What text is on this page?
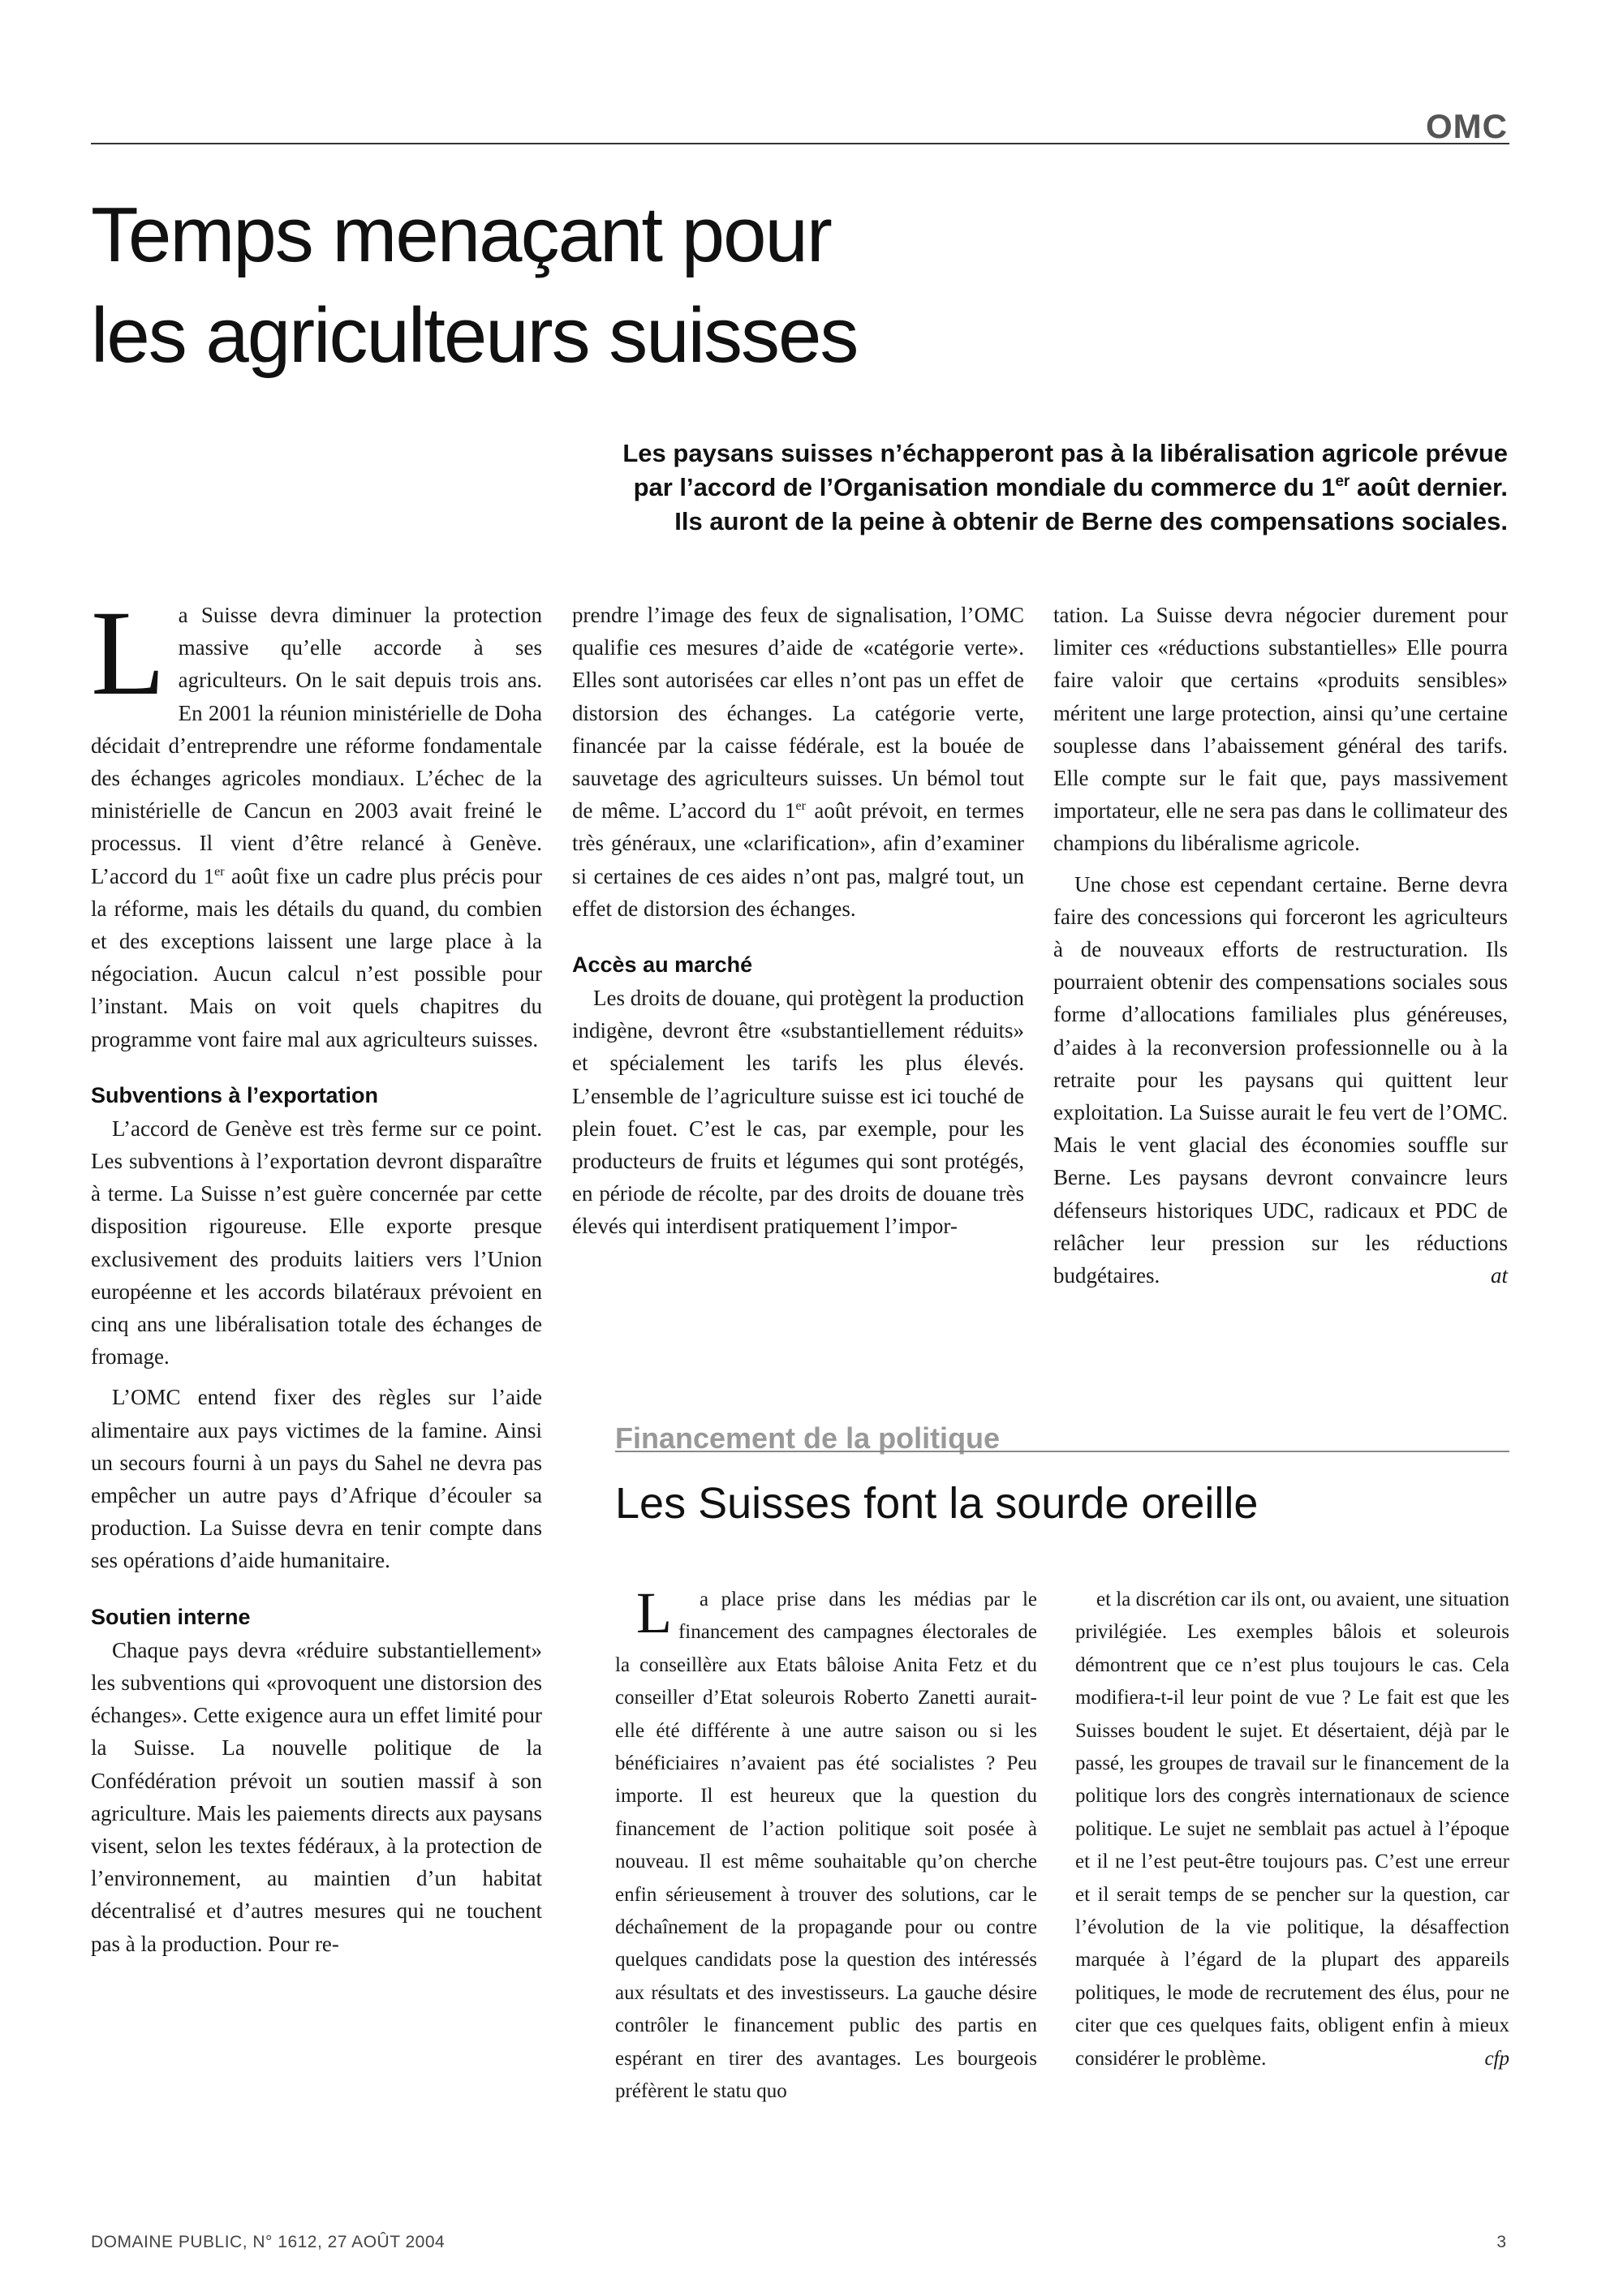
OMC
Temps menaçant pour
les agriculteurs suisses
Les paysans suisses n’échapperont pas à la libéralisation agricole prévue
par l’accord de l’Organisation mondiale du commerce du 1er août dernier.
Ils auront de la peine à obtenir de Berne des compensations sociales.

La Suisse devra diminuer la protection massive qu’elle accorde à ses agriculteurs. On le sait depuis trois ans. En 2001 la réunion ministérielle de Doha décidait d’entreprendre une réforme fondamentale des échanges agricoles mondiaux. L’échec de la ministérielle de Cancun en 2003 avait freiné le processus. Il vient d’être relancé à Genève. L’accord du 1er août fixe un cadre plus précis pour la réforme, mais les détails du quand, du combien et des exceptions laissent une large place à la négociation. Aucun calcul n’est possible pour l’instant. Mais on voit quels chapitres du programme vont faire mal aux agriculteurs suisses.

Subventions à l’exportation

L’accord de Genève est très ferme sur ce point. Les subventions à l’exportation devront disparaître à terme. La Suisse n’est guère concernée par cette disposition rigoureuse. Elle exporte presque exclusivement des produits laitiers vers l’Union européenne et les accords bilatéraux prévoient en cinq ans une libéralisation totale des échanges de fromage.

L’OMC entend fixer des règles sur l’aide alimentaire aux pays victimes de la famine. Ainsi un secours fourni à un pays du Sahel ne devra pas empêcher un autre pays d’Afrique d’écouler sa production. La Suisse devra en tenir compte dans ses opérations d’aide humanitaire.

Soutien interne

Chaque pays devra «réduire substantiellement» les subventions qui «provoquent une distorsion des échanges». Cette exigence aura un effet limité pour la Suisse. La nouvelle politique de la Confédération prévoit un soutien massif à son agriculture. Mais les paiements directs aux paysans visent, selon les textes fédéraux, à la protection de l’environnement, au maintien d’un habitat décentralisé et d’autres mesures qui ne touchent pas à la production. Pour re-

prendre l’image des feux de signalisation, l’OMC qualifie ces mesures d’aide de «catégorie verte». Elles sont autorisées car elles n’ont pas un effet de distorsion des échanges. La catégorie verte, financée par la caisse fédérale, est la bouée de sauvetage des agriculteurs suisses. Un bémol tout de même. L’accord du 1er août prévoit, en termes très généraux, une «clarification», afin d’examiner si certaines de ces aides n’ont pas, malgré tout, un effet de distorsion des échanges.

Accès au marché

Les droits de douane, qui protègent la production indigène, devront être «substantiellement réduits» et spécialement les tarifs les plus élevés. L’ensemble de l’agriculture suisse est ici touché de plein fouet. C’est le cas, par exemple, pour les producteurs de fruits et légumes qui sont protégés, en période de récolte, par des droits de douane très élevés qui interdisent pratiquement l’impor-

tation. La Suisse devra négocier durement pour limiter ces «réductions substantielles» Elle pourra faire valoir que certains «produits sensibles» méritent une large protection, ainsi qu’une certaine souplesse dans l’abaissement général des tarifs. Elle compte sur le fait que, pays massivement importateur, elle ne sera pas dans le collimateur des champions du libéralisme agricole.

Une chose est cependant certaine. Berne devra faire des concessions qui forceront les agriculteurs à de nouveaux efforts de restructuration. Ils pourraient obtenir des compensations sociales sous forme d’allocations familiales plus généreuses, d’aides à la reconversion professionnelle ou à la retraite pour les paysans qui quittent leur exploitation. La Suisse aurait le feu vert de l’OMC. Mais le vent glacial des économies souffle sur Berne. Les paysans devront convaincre leurs défenseurs historiques UDC, radicaux et PDC de relâcher leur pression sur les réductions budgétaires.	at

Financement de la politique
Les Suisses font la sourde oreille

L a place prise dans les médias par le financement des campagnes électorales de la conseillère aux Etats bâloise Anita Fetz et du conseiller d’Etat soleurois Roberto Zanetti aurait-elle été différente à une autre saison ou si les bénéficiaires n’avaient pas été socialistes ? Peu importe. Il est heureux que la question du financement de l’action politique soit posée à nouveau. Il est même souhaitable qu’on cherche enfin sérieusement à trouver des solutions, car le déchaînement de la propagande pour ou contre quelques candidats pose la question des intéressés aux résultats et des investisseurs. La gauche désire contrôler le financement public des partis en espérant en tirer des avantages. Les bourgeois préfèrent le statu quo

et la discrétion car ils ont, ou avaient, une situation privilégiée. Les exemples bâlois et soleurois démontrent que ce n’est plus toujours le cas. Cela modifiera-t-il leur point de vue ? Le fait est que les Suisses boudent le sujet. Et désertaient, déjà par le passé, les groupes de travail sur le financement de la politique lors des congrès internationaux de science politique. Le sujet ne semblait pas actuel à l’époque et il ne l’est peut-être toujours pas. C’est une erreur et il serait temps de se pencher sur la question, car l’évolution de la vie politique, la désaffection marquée à l’égard de la plupart des appareils politiques, le mode de recrutement des élus, pour ne citer que ces quelques faits, obligent enfin à mieux considérer le problème.	cfp

DOMAINE PUBLIC, N° 1612, 27 AOÛT 2004	3
